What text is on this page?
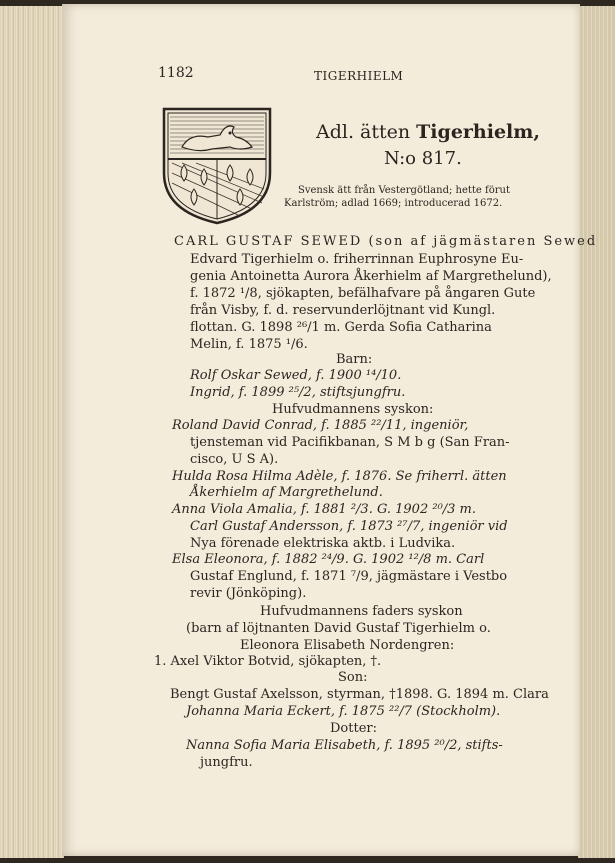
1182	TIGERHIELM
Adl. ätten Tigerhielm,
N:o 817.
Svensk ätt från Vestergötland; hette förut
Karlström; adlad 1669; introducerad 1672.
CARL GUSTAF SEWED (son af jägmästaren Sewed
Edvard Tigerhielm o. friherrinnan Euphrosyne Eu-
genia Antoinetta Aurora Åkerhielm af Margrethelund),
f. 1872 ¹/8, sjökapten, befälhafvare på ångaren Gute
från Visby, f. d. reservunderlöjtnant vid Kungl.
flottan. G. 1898 ²⁶/1 m. Gerda Sofia Catharina
Melin, f. 1875 ¹/6.
Barn:
Rolf Oskar Sewed, f. 1900 ¹⁴/10.
Ingrid, f. 1899 ²⁵/2, stiftsjungfru.
Hufvudmannens syskon:
Roland David Conrad, f. 1885 ²²/11, ingeniör,
tjensteman vid Pacifikbanan, S M b g (San Fran-
cisco, U S A).
Hulda Rosa Hilma Adèle, f. 1876. Se friherrl. ätten
Åkerhielm af Margrethelund.
Anna Viola Amalia, f. 1881 ²/3. G. 1902 ²⁰/3 m.
Carl Gustaf Andersson, f. 1873 ²⁷/7, ingeniör vid
Nya förenade elektriska aktb. i Ludvika.
Elsa Eleonora, f. 1882 ²⁴/9. G. 1902 ¹²/8 m. Carl
Gustaf Englund, f. 1871 ⁷/9, jägmästare i Vestbo
revir (Jönköping).
Hufvudmannens faders syskon
(barn af löjtnanten David Gustaf Tigerhielm o.
Eleonora Elisabeth Nordengren:
1. Axel Viktor Botvid, sjökapten, †.
Son:
Bengt Gustaf Axelsson, styrman, †1898. G. 1894 m. Clara
Johanna Maria Eckert, f. 1875 ²²/7 (Stockholm).
Dotter:
Nanna Sofia Maria Elisabeth, f. 1895 ²⁰/2, stifts-
jungfru.
